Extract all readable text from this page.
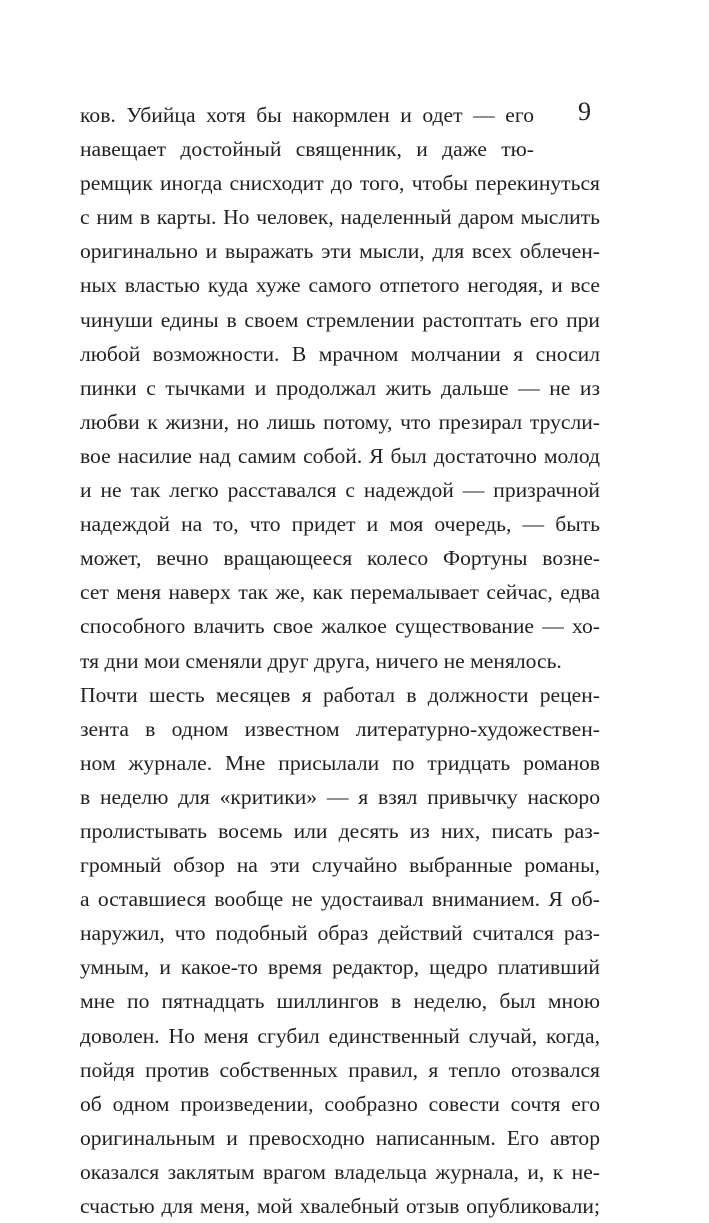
9
ков. Убийца хотя бы накормлен и одет — его
навещает достойный священник, и даже тю-
ремщик иногда снисходит до того, чтобы перекинуться
с ним в карты. Но человек, наделенный даром мыслить
оригинально и выражать эти мысли, для всех облечен-
ных властью куда хуже самого отпетого негодяя, и все
чинуши едины в своем стремлении растоптать его при
любой возможности. В мрачном молчании я сносил
пинки с тычками и продолжал жить дальше — не из
любви к жизни, но лишь потому, что презирал трусли-
вое насилие над самим собой. Я был достаточно молод
и не так легко расставался с надеждой — призрачной
надеждой на то, что придет и моя очередь, — быть
может, вечно вращающееся колесо Фортуны вознe-
сет меня наверх так же, как перемалывает сейчас, едва
способного влачить свое жалкое существование — хо-
тя дни мои сменяли друг друга, ничего не менялось.
Почти шесть месяцев я работал в должности рецен-
зента в одном известном литературно-художествен-
ном журнале. Мне присылали по тридцать романов
в неделю для «критики» — я взял привычку наскоро
пролистывать восемь или десять из них, писать раз-
громный обзор на эти случайно выбранные романы,
а оставшиеся вообще не удостаивал вниманием. Я об-
наружил, что подобный образ действий считался раз-
умным, и какое-то время редактор, щедро плативший
мне по пятнадцать шиллингов в неделю, был мною
доволен. Но меня сгубил единственный случай, когда,
пойдя против собственных правил, я тепло отозвался
об одном произведении, сообразно совести сочтя его
оригинальным и превосходно написанным. Его автор
оказался заклятым врагом владельца журнала, и, к не-
счастью для меня, мой хвалебный отзыв опубликовали;
